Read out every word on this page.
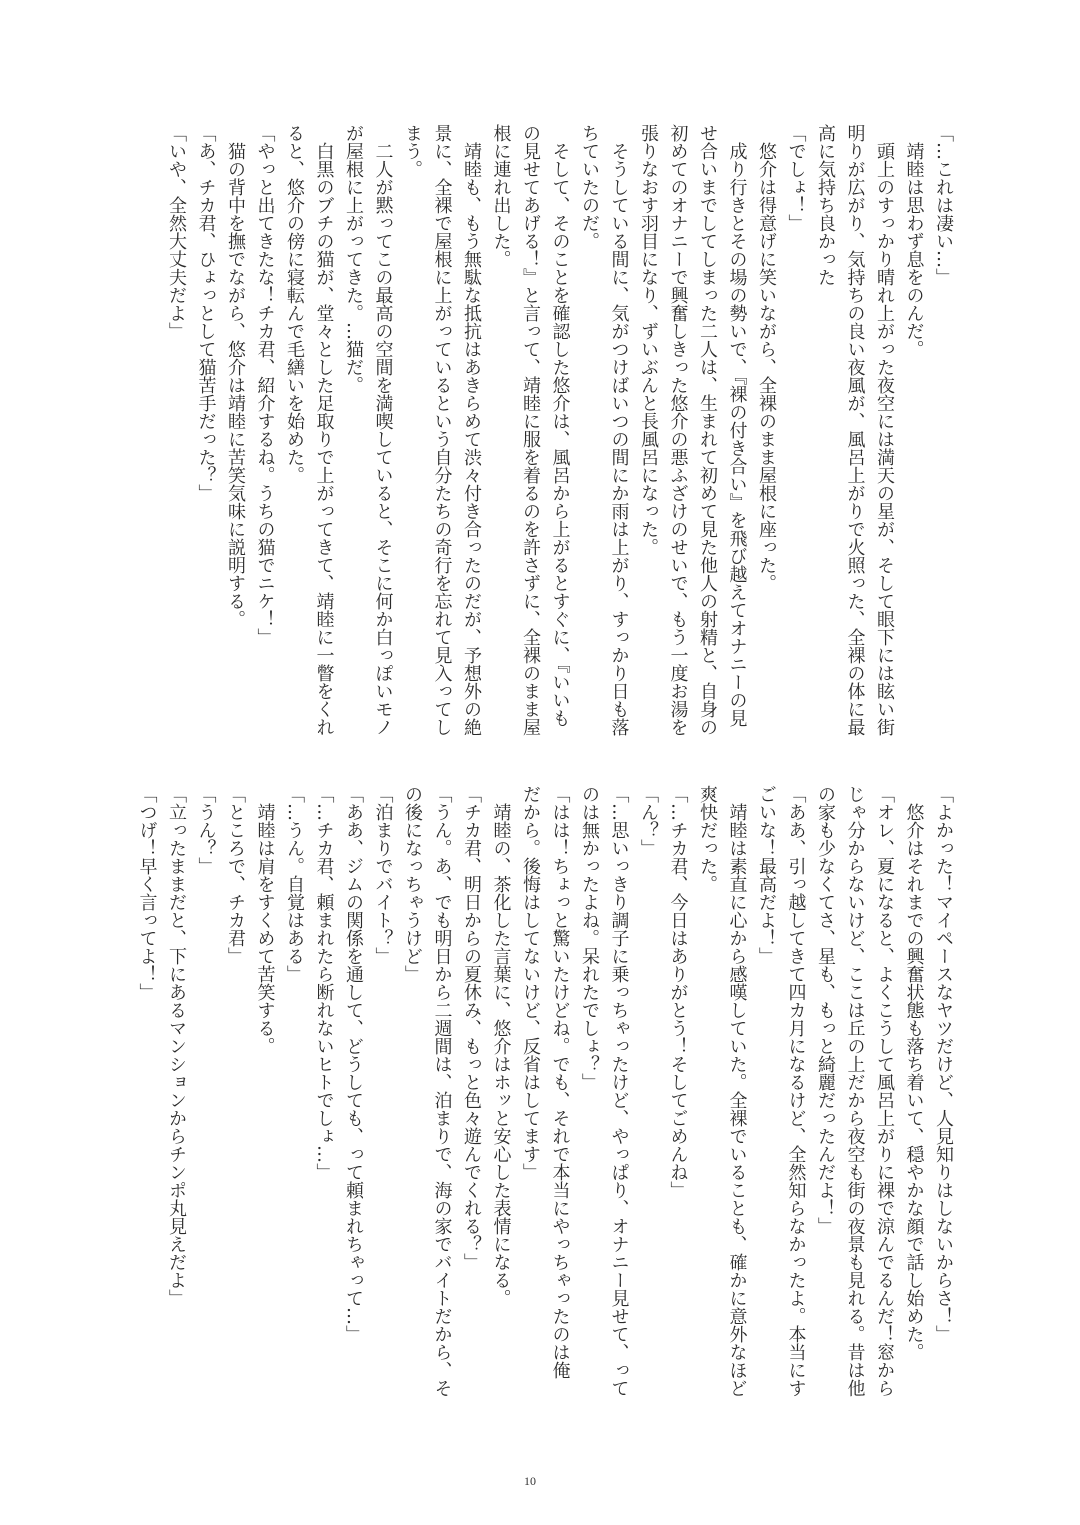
「…これは凄い…」
靖睦は思わず息をのんだ。
頭上のすっかり晴れ上がった夜空には満天の星が、そして眼下には眩い街
明りが広がり、気持ちの良い夜風が、風呂上がりで火照った、全裸の体に最
高に気持ち良かった
「でしょ！」
悠介は得意げに笑いながら、全裸のまま屋根に座った。
成り行きとその場の勢いで、『裸の付き合い』を飛び越えてオナニーの見
せ合いまでしてしまった二人は、生まれて初めて見た他人の射精と、自身の
初めてのオナニーで興奮しきった悠介の悪ふざけのせいで、もう一度お湯を
張りなおす羽目になり、ずいぶんと長風呂になった。
そうしている間に、気がつけばいつの間にか雨は上がり、すっかり日も落
ちていたのだ。
そして、そのことを確認した悠介は、風呂から上がるとすぐに、『いいも
の見せてあげる！』と言って、靖睦に服を着るのを許さずに、全裸のまま屋
根に連れ出した。
靖睦も、もう無駄な抵抗はあきらめて渋々付き合ったのだが、予想外の絶
景に、全裸で屋根に上がっているという自分たちの奇行を忘れて見入ってし
まう。
二人が黙ってこの最高の空間を満喫していると、そこに何か白っぽいモノ
が屋根に上がってきた。…猫だ。
白黒のブチの猫が、堂々とした足取りで上がってきて、靖睦に一瞥をくれ
ると、悠介の傍に寝転んで毛繕いを始めた。
「やっと出てきたな！チカ君、紹介するね。うちの猫でニケ！」
猫の背中を撫でながら、悠介は靖睦に苦笑気味に説明する。
「あ、チカ君、ひょっとして猫苦手だった？」
「いや、全然大丈夫だよ」
「よかった！マイペースなヤツだけど、人見知りはしないからさ！」
悠介はそれまでの興奮状態も落ち着いて、穏やかな顔で話し始めた。
「オレ、夏になると、よくこうして風呂上がりに裸で涼んでるんだ！窓から
じゃ分からないけど、ここは丘の上だから夜空も街の夜景も見れる。昔は他
の家も少なくてさ、星も、もっと綺麗だったんだよ！」
「ああ、引っ越してきて四カ月になるけど、全然知らなかったよ。本当にす
ごいな！最高だよ！」
靖睦は素直に心から感嘆していた。全裸でいることも、確かに意外なほど
爽快だった。
「…チカ君、今日はありがとう！そしてごめんね」
「ん？」
「…思いっきり調子に乗っちゃったけど、やっぱり、オナニー見せて、って
のは無かったよね。呆れたでしょ？」
「はは！ちょっと驚いたけどね。でも、それで本当にやっちゃったのは俺
だから。後悔はしてないけど、反省はしてます」
靖睦の、茶化した言葉に、悠介はホッと安心した表情になる。
「チカ君、明日からの夏休み、もっと色々遊んでくれる？」
「うん。あ、でも明日から二週間は、泊まりで、海の家でバイトだから、そ
の後になっちゃうけど」
「泊まりでバイト？」
「ああ、ジムの関係を通して、どうしても、って頼まれちゃって…」
「…チカ君、頼まれたら断れないヒトでしょ…」
「…うん。自覚はある」
靖睦は肩をすくめて苦笑する。
「ところで、チカ君」
「うん？」
「立ったままだと、下にあるマンションからチンポ丸見えだよ」
「つげ！早く言ってよ！」
10
